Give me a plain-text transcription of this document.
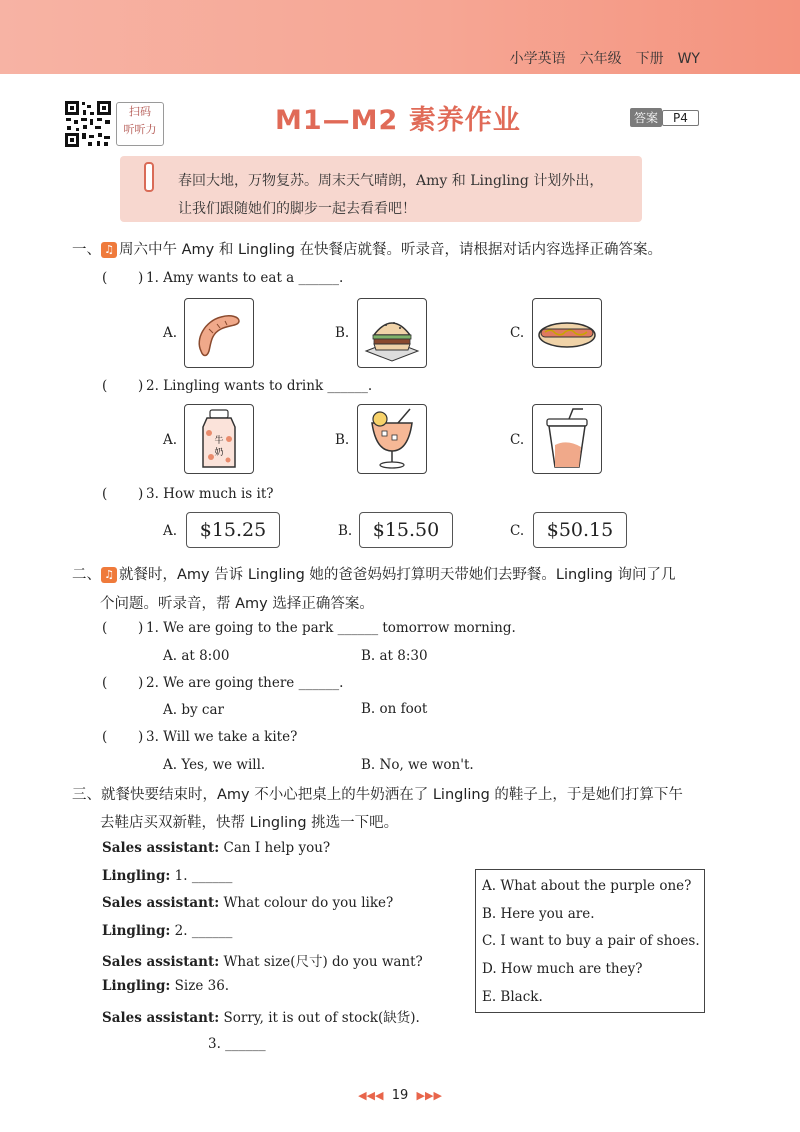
小学英语　六年级　下册　WY
扫码
听听力	M1—M2 素养作业	答案 P4
春回大地，万物复苏。周末天气晴朗，Amy 和 Lingling 计划外出，
让我们跟随她们的脚步一起去看看吧！
一、 ♫ 周六中午 Amy 和 Lingling 在快餐店就餐。听录音，请根据对话内容选择正确答案。
( ) 1. Amy wants to eat a ______.
A.	B.	C.
( ) 2. Lingling wants to drink ______.
A.	牛
奶
B.	C.
( ) 3. How much is it?
A.	$15.25	B.	$15.50	C.	$50.15
二、 ♫ 就餐时，Amy 告诉 Lingling 她的爸爸妈妈打算明天带她们去野餐。Lingling 询问了几
个问题。听录音，帮 Amy 选择正确答案。
( ) 1. We are going to the park ______ tomorrow morning.
A. at 8:00	B. at 8:30
( ) 2. We are going there ______.
A. by car	B. on foot
( ) 3. Will we take a kite?
A. Yes, we will.	B. No, we won't.
三、就餐快要结束时，Amy 不小心把桌上的牛奶洒在了 Lingling 的鞋子上，于是她们打算下午
去鞋店买双新鞋，快帮 Lingling 挑选一下吧。
Sales assistant: Can I help you?
Lingling: 1. ______
Sales assistant: What colour do you like?
Lingling: 2. ______
Sales assistant: What size(尺寸) do you want?
Lingling: Size 36.
Sales assistant: Sorry, it is out of stock(缺货).
3. ______
A. What about the purple one?
B. Here you are.
C. I want to buy a pair of shoes.
D. How much are they?
E. Black.
◀◀◀ 19 ▶▶▶
